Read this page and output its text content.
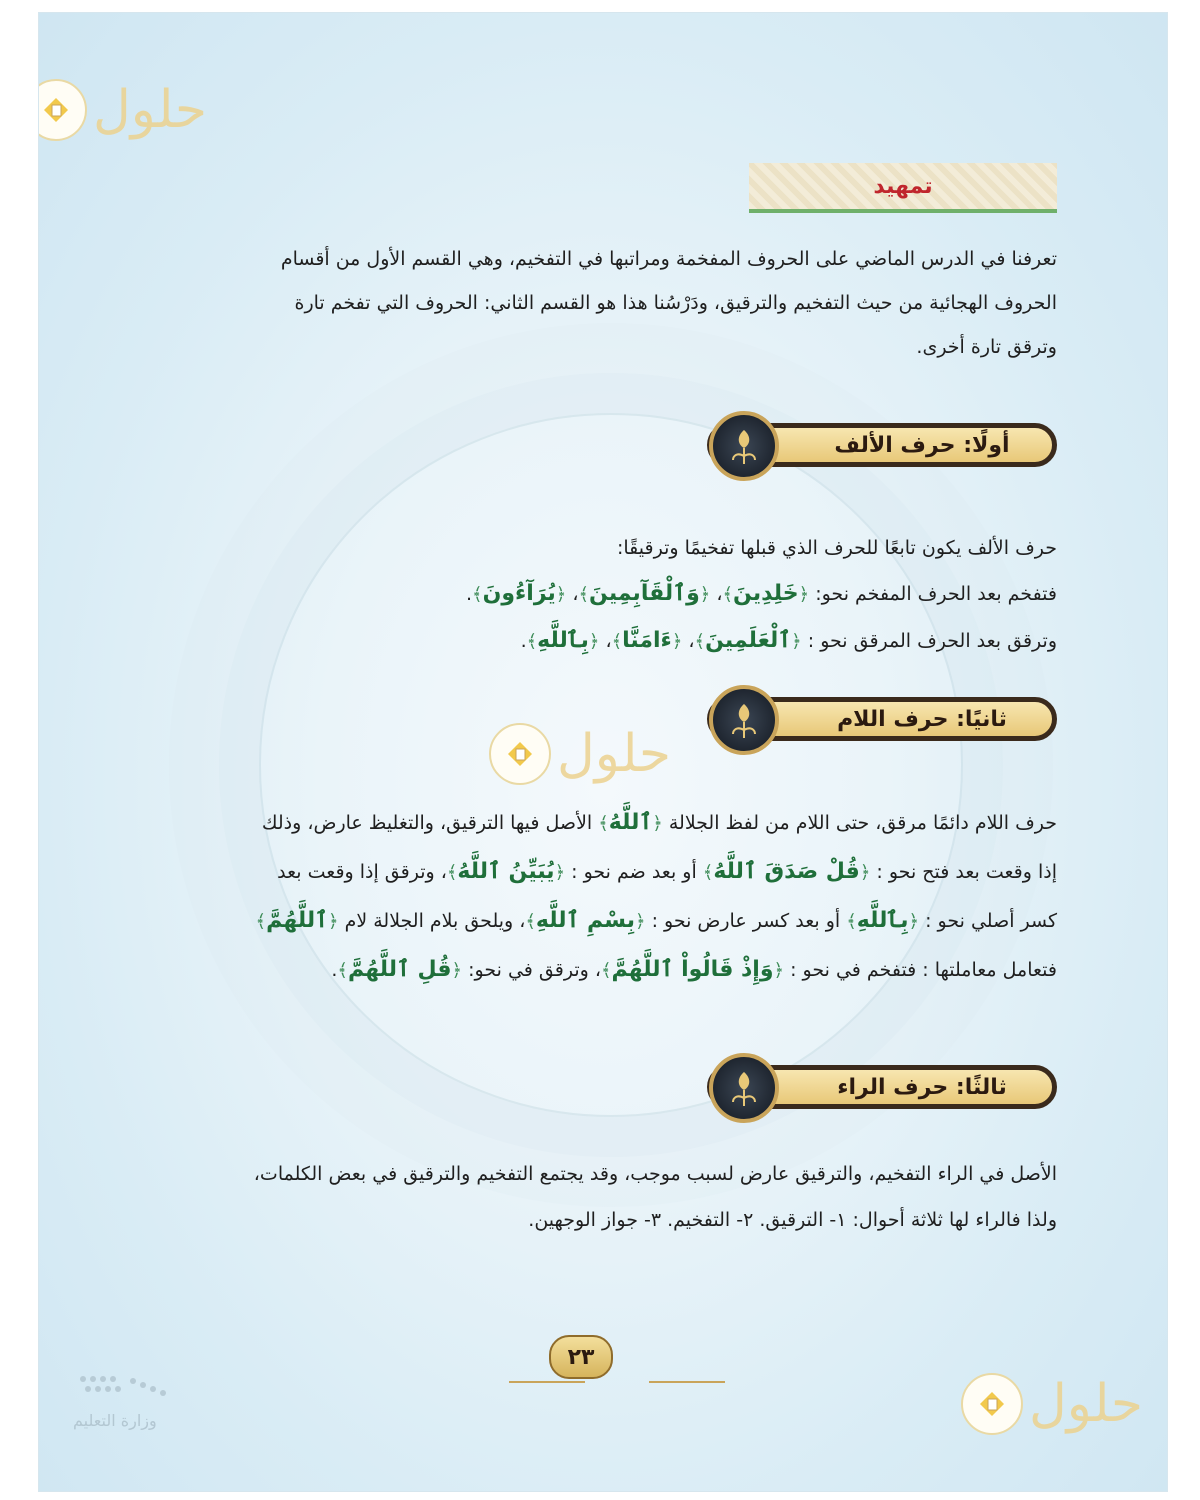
حلول
حلول
حلول
تمهيد
تعرفنا في الدرس الماضي على الحروف المفخمة ومراتبها في التفخيم، وهي القسم الأول من أقسام
الحروف الهجائية من حيث التفخيم والترقيق، ودَرْسُنا هذا هو القسم الثاني: الحروف التي تفخم تارة
وترقق تارة أخرى.
أولًا: حرف الألف
حرف الألف يكون تابعًا للحرف الذي قبلها تفخيمًا وترقيقًا:
فتفخم بعد الحرف المفخم نحو: ﴿خَلِدِينَ﴾، ﴿وَٱلْقَآبِمِينَ﴾، ﴿يُرَآءُونَ﴾.
وترقق بعد الحرف المرقق نحو : ﴿ٱلْعَلَمِينَ﴾، ﴿ءَامَنَّا﴾، ﴿بِٱللَّهِ﴾.
ثانيًا: حرف اللام
حرف اللام دائمًا مرقق، حتى اللام من لفظ الجلالة ﴿ٱللَّهُ﴾ الأصل فيها الترقيق، والتغليظ عارض، وذلك
إذا وقعت بعد فتح نحو : ﴿قُلْ صَدَقَ ٱللَّهُ﴾ أو بعد ضم نحو : ﴿يُبَيِّنُ ٱللَّهُ﴾، وترقق إذا وقعت بعد
كسر أصلي نحو : ﴿بِٱللَّهِ﴾ أو بعد كسر عارض نحو : ﴿بِسْمِ ٱللَّهِ﴾، ويلحق بلام الجلالة لام ﴿ٱللَّهُمَّ﴾
فتعامل معاملتها : فتفخم في نحو : ﴿وَإِذْ قَالُواْ ٱللَّهُمَّ﴾، وترقق في نحو: ﴿قُلِ ٱللَّهُمَّ﴾.
ثالثًا: حرف الراء
الأصل في الراء التفخيم، والترقيق عارض لسبب موجب، وقد يجتمع التفخيم والترقيق في بعض الكلمات،
ولذا فالراء لها ثلاثة أحوال: ١- الترقيق. ٢- التفخيم. ٣- جواز الوجهين.
٢٣
وزارة التعليم
